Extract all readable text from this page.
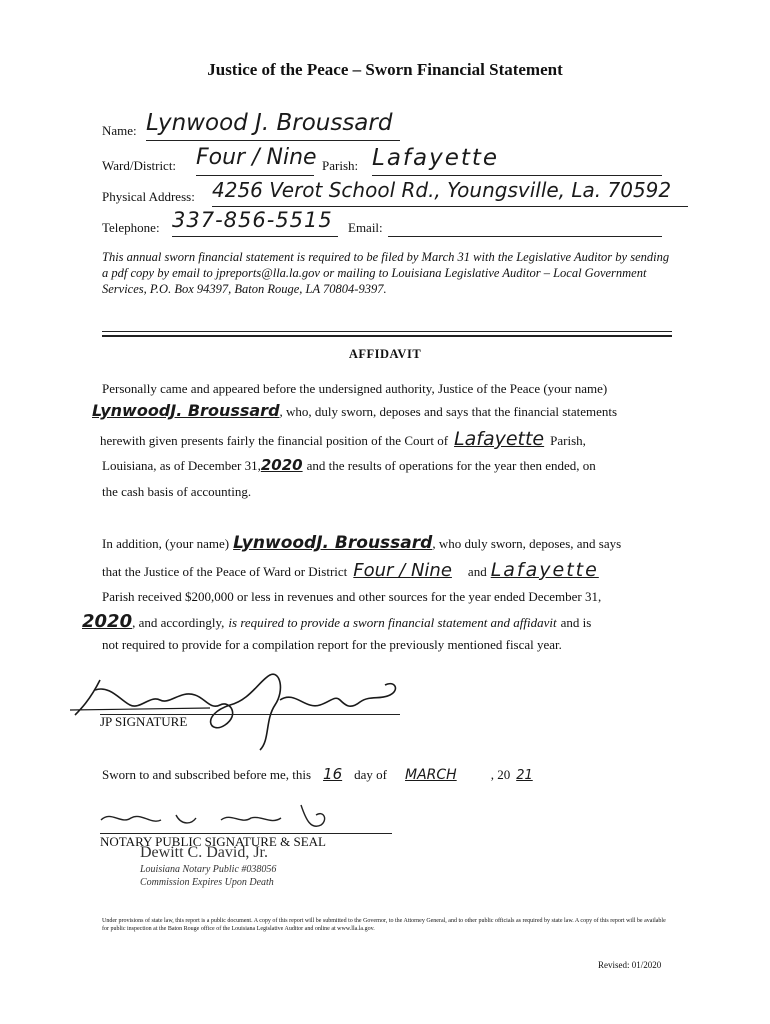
Justice of the Peace – Sworn Financial Statement
Name: Lynwood J. Broussard
Ward/District: Four / Nine Parish: Lafayette
Physical Address: 4256 Verot School Rd., Youngsville, La. 70592
Telephone: 337-856-5515 Email:
This annual sworn financial statement is required to be filed by March 31 with the Legislative Auditor by sending a pdf copy by email to jpreports@lla.la.gov or mailing to Louisiana Legislative Auditor – Local Government Services, P.O. Box 94397, Baton Rouge, LA 70804-9397.
AFFIDAVIT
Personally came and appeared before the undersigned authority, Justice of the Peace (your name)
LynwoodJ. Broussard, who, duly sworn, deposes and says that the financial statements
herewith given presents fairly the financial position of the Court of Lafayette Parish,
Louisiana, as of December 31,2020 and the results of operations for the year then ended, on
the cash basis of accounting.
In addition, (your name) LynwoodJ. Broussard, who duly sworn, deposes, and says
that the Justice of the Peace of Ward or District Four / Nine and Lafayette
Parish received $200,000 or less in revenues and other sources for the year ended December 31,
2020, and accordingly, is required to provide a sworn financial statement and affidavit and is
not required to provide for a compilation report for the previously mentioned fiscal year.
JP SIGNATURE
Sworn to and subscribed before me, this 16 day of MARCH	, 20 21
NOTARY PUBLIC SIGNATURE & SEAL
Dewitt C. David, Jr.
Louisiana Notary Public #038056
Commission Expires Upon Death
Under provisions of state law, this report is a public document. A copy of this report will be submitted to the Governor, to the Attorney General, and to other public officials as required by state law. A copy of this report will be available for public inspection at the Baton Rouge office of the Louisiana Legislative Auditor and online at www.lla.la.gov.
Revised: 01/2020
